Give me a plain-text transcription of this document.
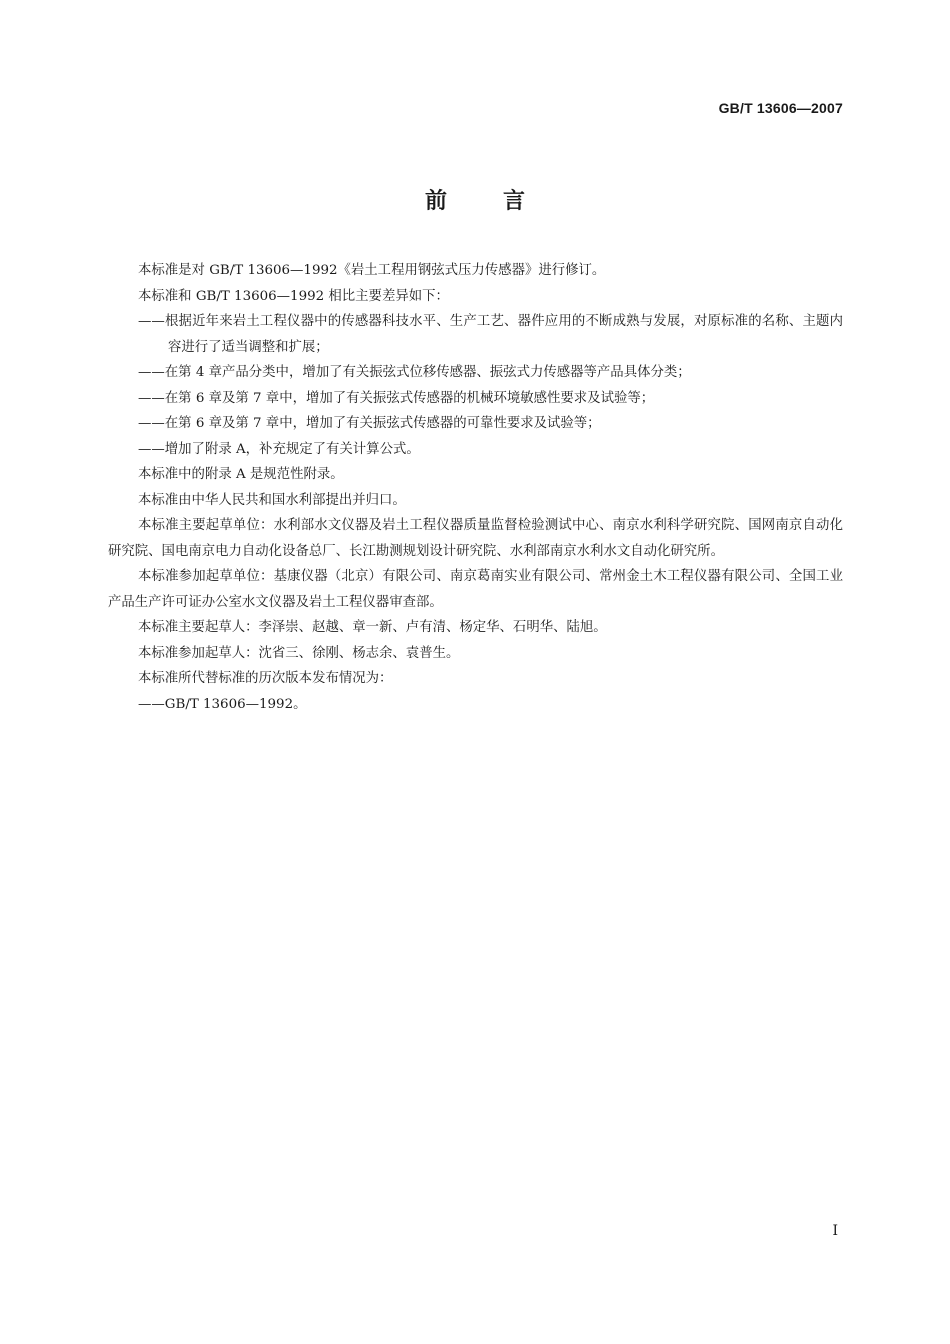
GB/T 13606—2007
前言
本标准是对 GB/T 13606—1992《岩土工程用钢弦式压力传感器》进行修订。
本标准和 GB/T 13606—1992 相比主要差异如下：
——根据近年来岩土工程仪器中的传感器科技水平、生产工艺、器件应用的不断成熟与发展，对原标准的名称、主题内容进行了适当调整和扩展；
——在第 4 章产品分类中，增加了有关振弦式位移传感器、振弦式力传感器等产品具体分类；
——在第 6 章及第 7 章中，增加了有关振弦式传感器的机械环境敏感性要求及试验等；
——在第 6 章及第 7 章中，增加了有关振弦式传感器的可靠性要求及试验等；
——增加了附录 A，补充规定了有关计算公式。
本标准中的附录 A 是规范性附录。
本标准由中华人民共和国水利部提出并归口。
本标准主要起草单位：水利部水文仪器及岩土工程仪器质量监督检验测试中心、南京水利科学研究院、国网南京自动化研究院、国电南京电力自动化设备总厂、长江勘测规划设计研究院、水利部南京水利水文自动化研究所。
本标准参加起草单位：基康仪器（北京）有限公司、南京葛南实业有限公司、常州金土木工程仪器有限公司、全国工业产品生产许可证办公室水文仪器及岩土工程仪器审查部。
本标准主要起草人：李泽崇、赵越、章一新、卢有清、杨定华、石明华、陆旭。
本标准参加起草人：沈省三、徐刚、杨志余、袁普生。
本标准所代替标准的历次版本发布情况为：
——GB/T 13606—1992。
I
